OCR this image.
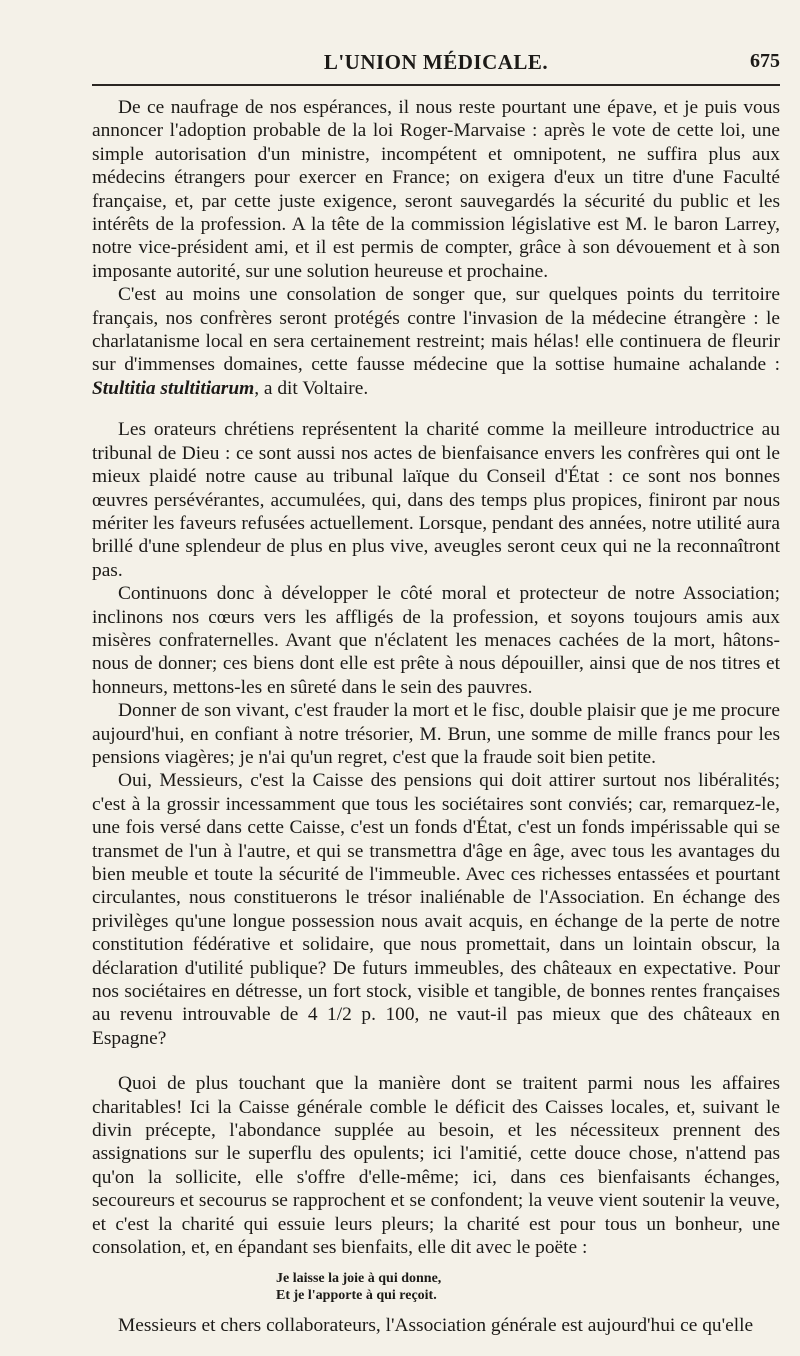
L'UNION MÉDICALE.	675

De ce naufrage de nos espérances, il nous reste pourtant une épave, et je puis vous annoncer l'adoption probable de la loi Roger-Marvaise : après le vote de cette loi, une simple autorisation d'un ministre, incompétent et omnipotent, ne suffira plus aux médecins étrangers pour exercer en France; on exigera d'eux un titre d'une Faculté française, et, par cette juste exigence, seront sauvegardés la sécurité du public et les intérêts de la profession. A la tête de la commission législative est M. le baron Larrey, notre vice-président ami, et il est permis de compter, grâce à son dévouement et à son imposante autorité, sur une solution heureuse et prochaine.

C'est au moins une consolation de songer que, sur quelques points du territoire français, nos confrères seront protégés contre l'invasion de la médecine étrangère : le charlatanisme local en sera certainement restreint; mais hélas! elle continuera de fleurir sur d'immenses domaines, cette fausse médecine que la sottise humaine achalande : Stultitia stultitiarum, a dit Voltaire.

Les orateurs chrétiens représentent la charité comme la meilleure introductrice au tribunal de Dieu : ce sont aussi nos actes de bienfaisance envers les confrères qui ont le mieux plaidé notre cause au tribunal laïque du Conseil d'État : ce sont nos bonnes œuvres persévérantes, accumulées, qui, dans des temps plus propices, finiront par nous mériter les faveurs refusées actuellement. Lorsque, pendant des années, notre utilité aura brillé d'une splendeur de plus en plus vive, aveugles seront ceux qui ne la reconnaîtront pas.

Continuons donc à développer le côté moral et protecteur de notre Association; inclinons nos cœurs vers les affligés de la profession, et soyons toujours amis aux misères confraternelles. Avant que n'éclatent les menaces cachées de la mort, hâtons-nous de donner; ces biens dont elle est prête à nous dépouiller, ainsi que de nos titres et honneurs, mettons-les en sûreté dans le sein des pauvres.

Donner de son vivant, c'est frauder la mort et le fisc, double plaisir que je me procure aujourd'hui, en confiant à notre trésorier, M. Brun, une somme de mille francs pour les pensions viagères; je n'ai qu'un regret, c'est que la fraude soit bien petite.

Oui, Messieurs, c'est la Caisse des pensions qui doit attirer surtout nos libéralités; c'est à la grossir incessamment que tous les sociétaires sont conviés; car, remarquez-le, une fois versé dans cette Caisse, c'est un fonds d'État, c'est un fonds impérissable qui se transmet de l'un à l'autre, et qui se transmettra d'âge en âge, avec tous les avantages du bien meuble et toute la sécurité de l'immeuble. Avec ces richesses entassées et pourtant circulantes, nous constituerons le trésor inaliénable de l'Association. En échange des privilèges qu'une longue possession nous avait acquis, en échange de la perte de notre constitution fédérative et solidaire, que nous promettait, dans un lointain obscur, la déclaration d'utilité publique? De futurs immeubles, des châteaux en expectative. Pour nos sociétaires en détresse, un fort stock, visible et tangible, de bonnes rentes françaises au revenu introuvable de 4 1/2 p. 100, ne vaut-il pas mieux que des châteaux en Espagne?

Quoi de plus touchant que la manière dont se traitent parmi nous les affaires charitables! Ici la Caisse générale comble le déficit des Caisses locales, et, suivant le divin précepte, l'abondance supplée au besoin, et les nécessiteux prennent des assignations sur le superflu des opulents; ici l'amitié, cette douce chose, n'attend pas qu'on la sollicite, elle s'offre d'elle-même; ici, dans ces bienfaisants échanges, secoureurs et secourus se rapprochent et se confondent; la veuve vient soutenir la veuve, et c'est la charité qui essuie leurs pleurs; la charité est pour tous un bonheur, une consolation, et, en épandant ses bienfaits, elle dit avec le poëte :

Je laisse la joie à qui donne,
Et je l'apporte à qui reçoit.

Messieurs et chers collaborateurs, l'Association générale est aujourd'hui ce qu'elle
